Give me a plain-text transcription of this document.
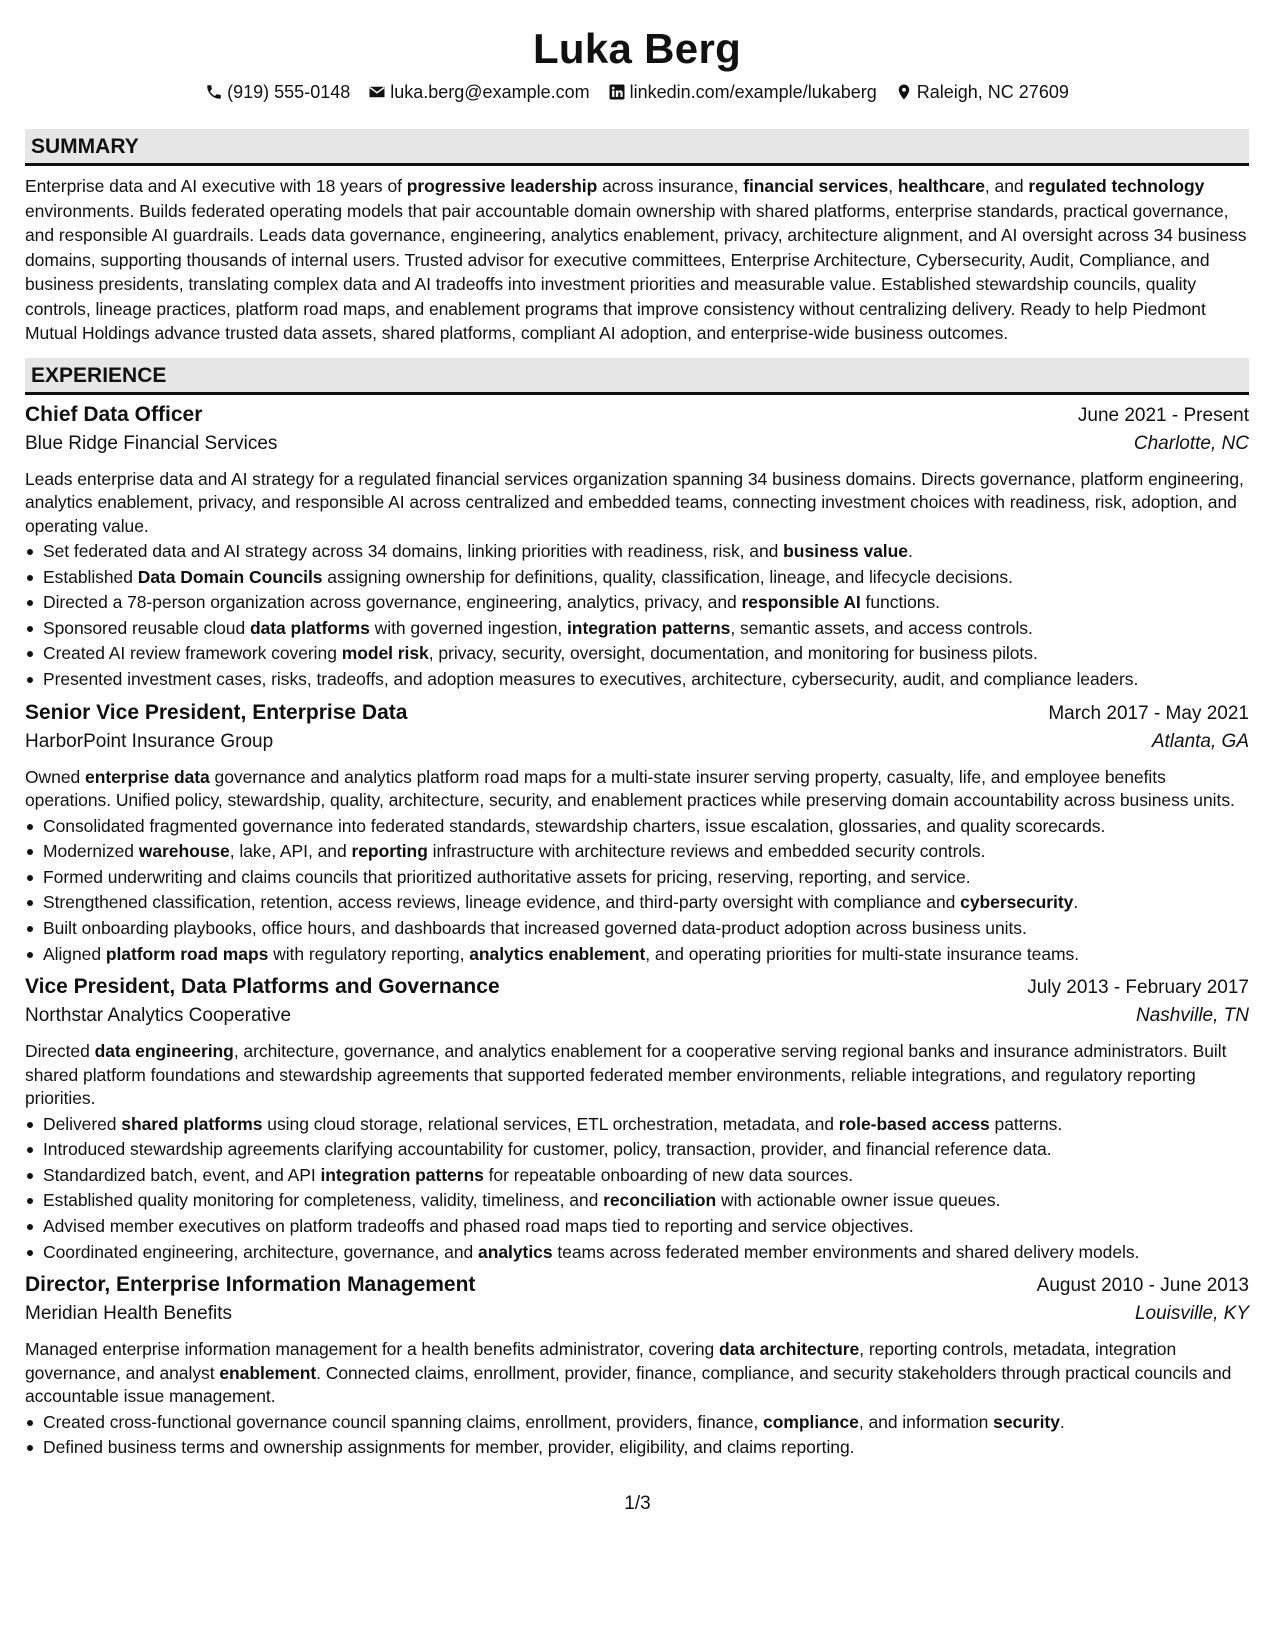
Luka Berg
(919) 555-0148 luka.berg@example.com linkedin.com/example/lukaberg Raleigh, NC 27609
SUMMARY
Enterprise data and AI executive with 18 years of progressive leadership across insurance, financial services, healthcare, and regulated technology environments. Builds federated operating models that pair accountable domain ownership with shared platforms, enterprise standards, practical governance, and responsible AI guardrails. Leads data governance, engineering, analytics enablement, privacy, architecture alignment, and AI oversight across 34 business domains, supporting thousands of internal users. Trusted advisor for executive committees, Enterprise Architecture, Cybersecurity, Audit, Compliance, and business presidents, translating complex data and AI tradeoffs into investment priorities and measurable value. Established stewardship councils, quality controls, lineage practices, platform road maps, and enablement programs that improve consistency without centralizing delivery. Ready to help Piedmont Mutual Holdings advance trusted data assets, shared platforms, compliant AI adoption, and enterprise-wide business outcomes.
EXPERIENCE
Chief Data Officer	June 2021 - Present
Blue Ridge Financial Services	Charlotte, NC
Leads enterprise data and AI strategy for a regulated financial services organization spanning 34 business domains. Directs governance, platform engineering, analytics enablement, privacy, and responsible AI across centralized and embedded teams, connecting investment choices with readiness, risk, adoption, and operating value.
Set federated data and AI strategy across 34 domains, linking priorities with readiness, risk, and business value.
Established Data Domain Councils assigning ownership for definitions, quality, classification, lineage, and lifecycle decisions.
Directed a 78-person organization across governance, engineering, analytics, privacy, and responsible AI functions.
Sponsored reusable cloud data platforms with governed ingestion, integration patterns, semantic assets, and access controls.
Created AI review framework covering model risk, privacy, security, oversight, documentation, and monitoring for business pilots.
Presented investment cases, risks, tradeoffs, and adoption measures to executives, architecture, cybersecurity, audit, and compliance leaders.
Senior Vice President, Enterprise Data	March 2017 - May 2021
HarborPoint Insurance Group	Atlanta, GA
Owned enterprise data governance and analytics platform road maps for a multi-state insurer serving property, casualty, life, and employee benefits operations. Unified policy, stewardship, quality, architecture, security, and enablement practices while preserving domain accountability across business units.
Consolidated fragmented governance into federated standards, stewardship charters, issue escalation, glossaries, and quality scorecards.
Modernized warehouse, lake, API, and reporting infrastructure with architecture reviews and embedded security controls.
Formed underwriting and claims councils that prioritized authoritative assets for pricing, reserving, reporting, and service.
Strengthened classification, retention, access reviews, lineage evidence, and third-party oversight with compliance and cybersecurity.
Built onboarding playbooks, office hours, and dashboards that increased governed data-product adoption across business units.
Aligned platform road maps with regulatory reporting, analytics enablement, and operating priorities for multi-state insurance teams.
Vice President, Data Platforms and Governance	July 2013 - February 2017
Northstar Analytics Cooperative	Nashville, TN
Directed data engineering, architecture, governance, and analytics enablement for a cooperative serving regional banks and insurance administrators. Built shared platform foundations and stewardship agreements that supported federated member environments, reliable integrations, and regulatory reporting priorities.
Delivered shared platforms using cloud storage, relational services, ETL orchestration, metadata, and role-based access patterns.
Introduced stewardship agreements clarifying accountability for customer, policy, transaction, provider, and financial reference data.
Standardized batch, event, and API integration patterns for repeatable onboarding of new data sources.
Established quality monitoring for completeness, validity, timeliness, and reconciliation with actionable owner issue queues.
Advised member executives on platform tradeoffs and phased road maps tied to reporting and service objectives.
Coordinated engineering, architecture, governance, and analytics teams across federated member environments and shared delivery models.
Director, Enterprise Information Management	August 2010 - June 2013
Meridian Health Benefits	Louisville, KY
Managed enterprise information management for a health benefits administrator, covering data architecture, reporting controls, metadata, integration governance, and analyst enablement. Connected claims, enrollment, provider, finance, compliance, and security stakeholders through practical councils and accountable issue management.
Created cross-functional governance council spanning claims, enrollment, providers, finance, compliance, and information security.
Defined business terms and ownership assignments for member, provider, eligibility, and claims reporting.
1/3
